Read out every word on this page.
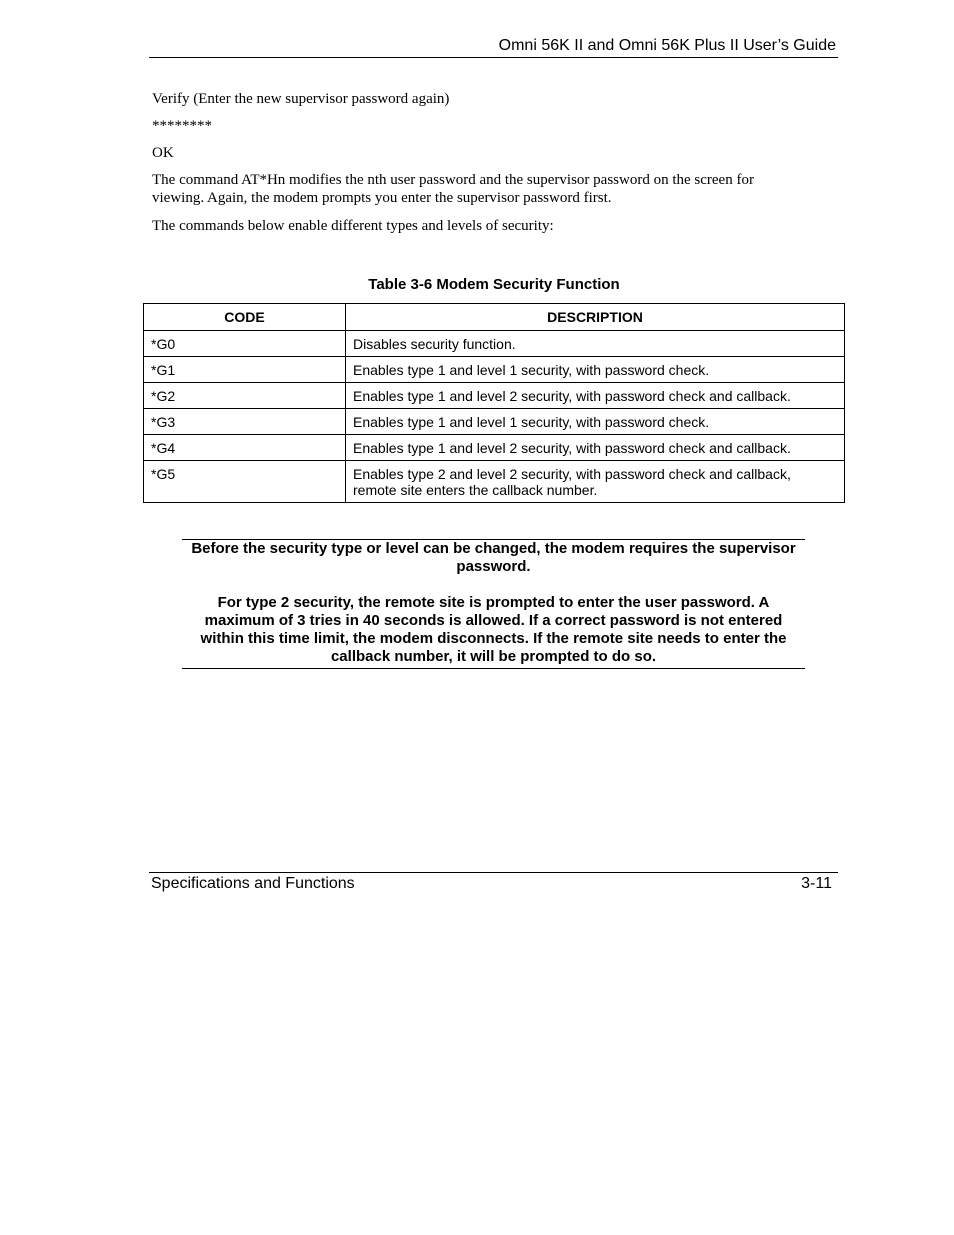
Omni 56K II and Omni 56K Plus II User’s Guide
Verify (Enter the new supervisor password again)
********
OK
The command AT*Hn modifies the nth user password and the supervisor password on the screen for viewing. Again, the modem prompts you enter the supervisor password first.
The commands below enable different types and levels of security:
Table 3-6 Modem Security Function
CODE	DESCRIPTION
*G0	Disables security function.
*G1	Enables type 1 and level 1 security, with password check.
*G2	Enables type 1 and level 2 security, with password check and callback.
*G3	Enables type 1 and level 1 security, with password check.
*G4	Enables type 1 and level 2 security, with password check and callback.
*G5	Enables type 2 and level 2 security, with password check and callback, remote site enters the callback number.
Before the security type or level can be changed, the modem requires the supervisor password.
For type 2 security, the remote site is prompted to enter the user password. A maximum of 3 tries in 40 seconds is allowed. If a correct password is not entered within this time limit, the modem disconnects. If the remote site needs to enter the callback number, it will be prompted to do so.
Specifications and Functions	3-11
